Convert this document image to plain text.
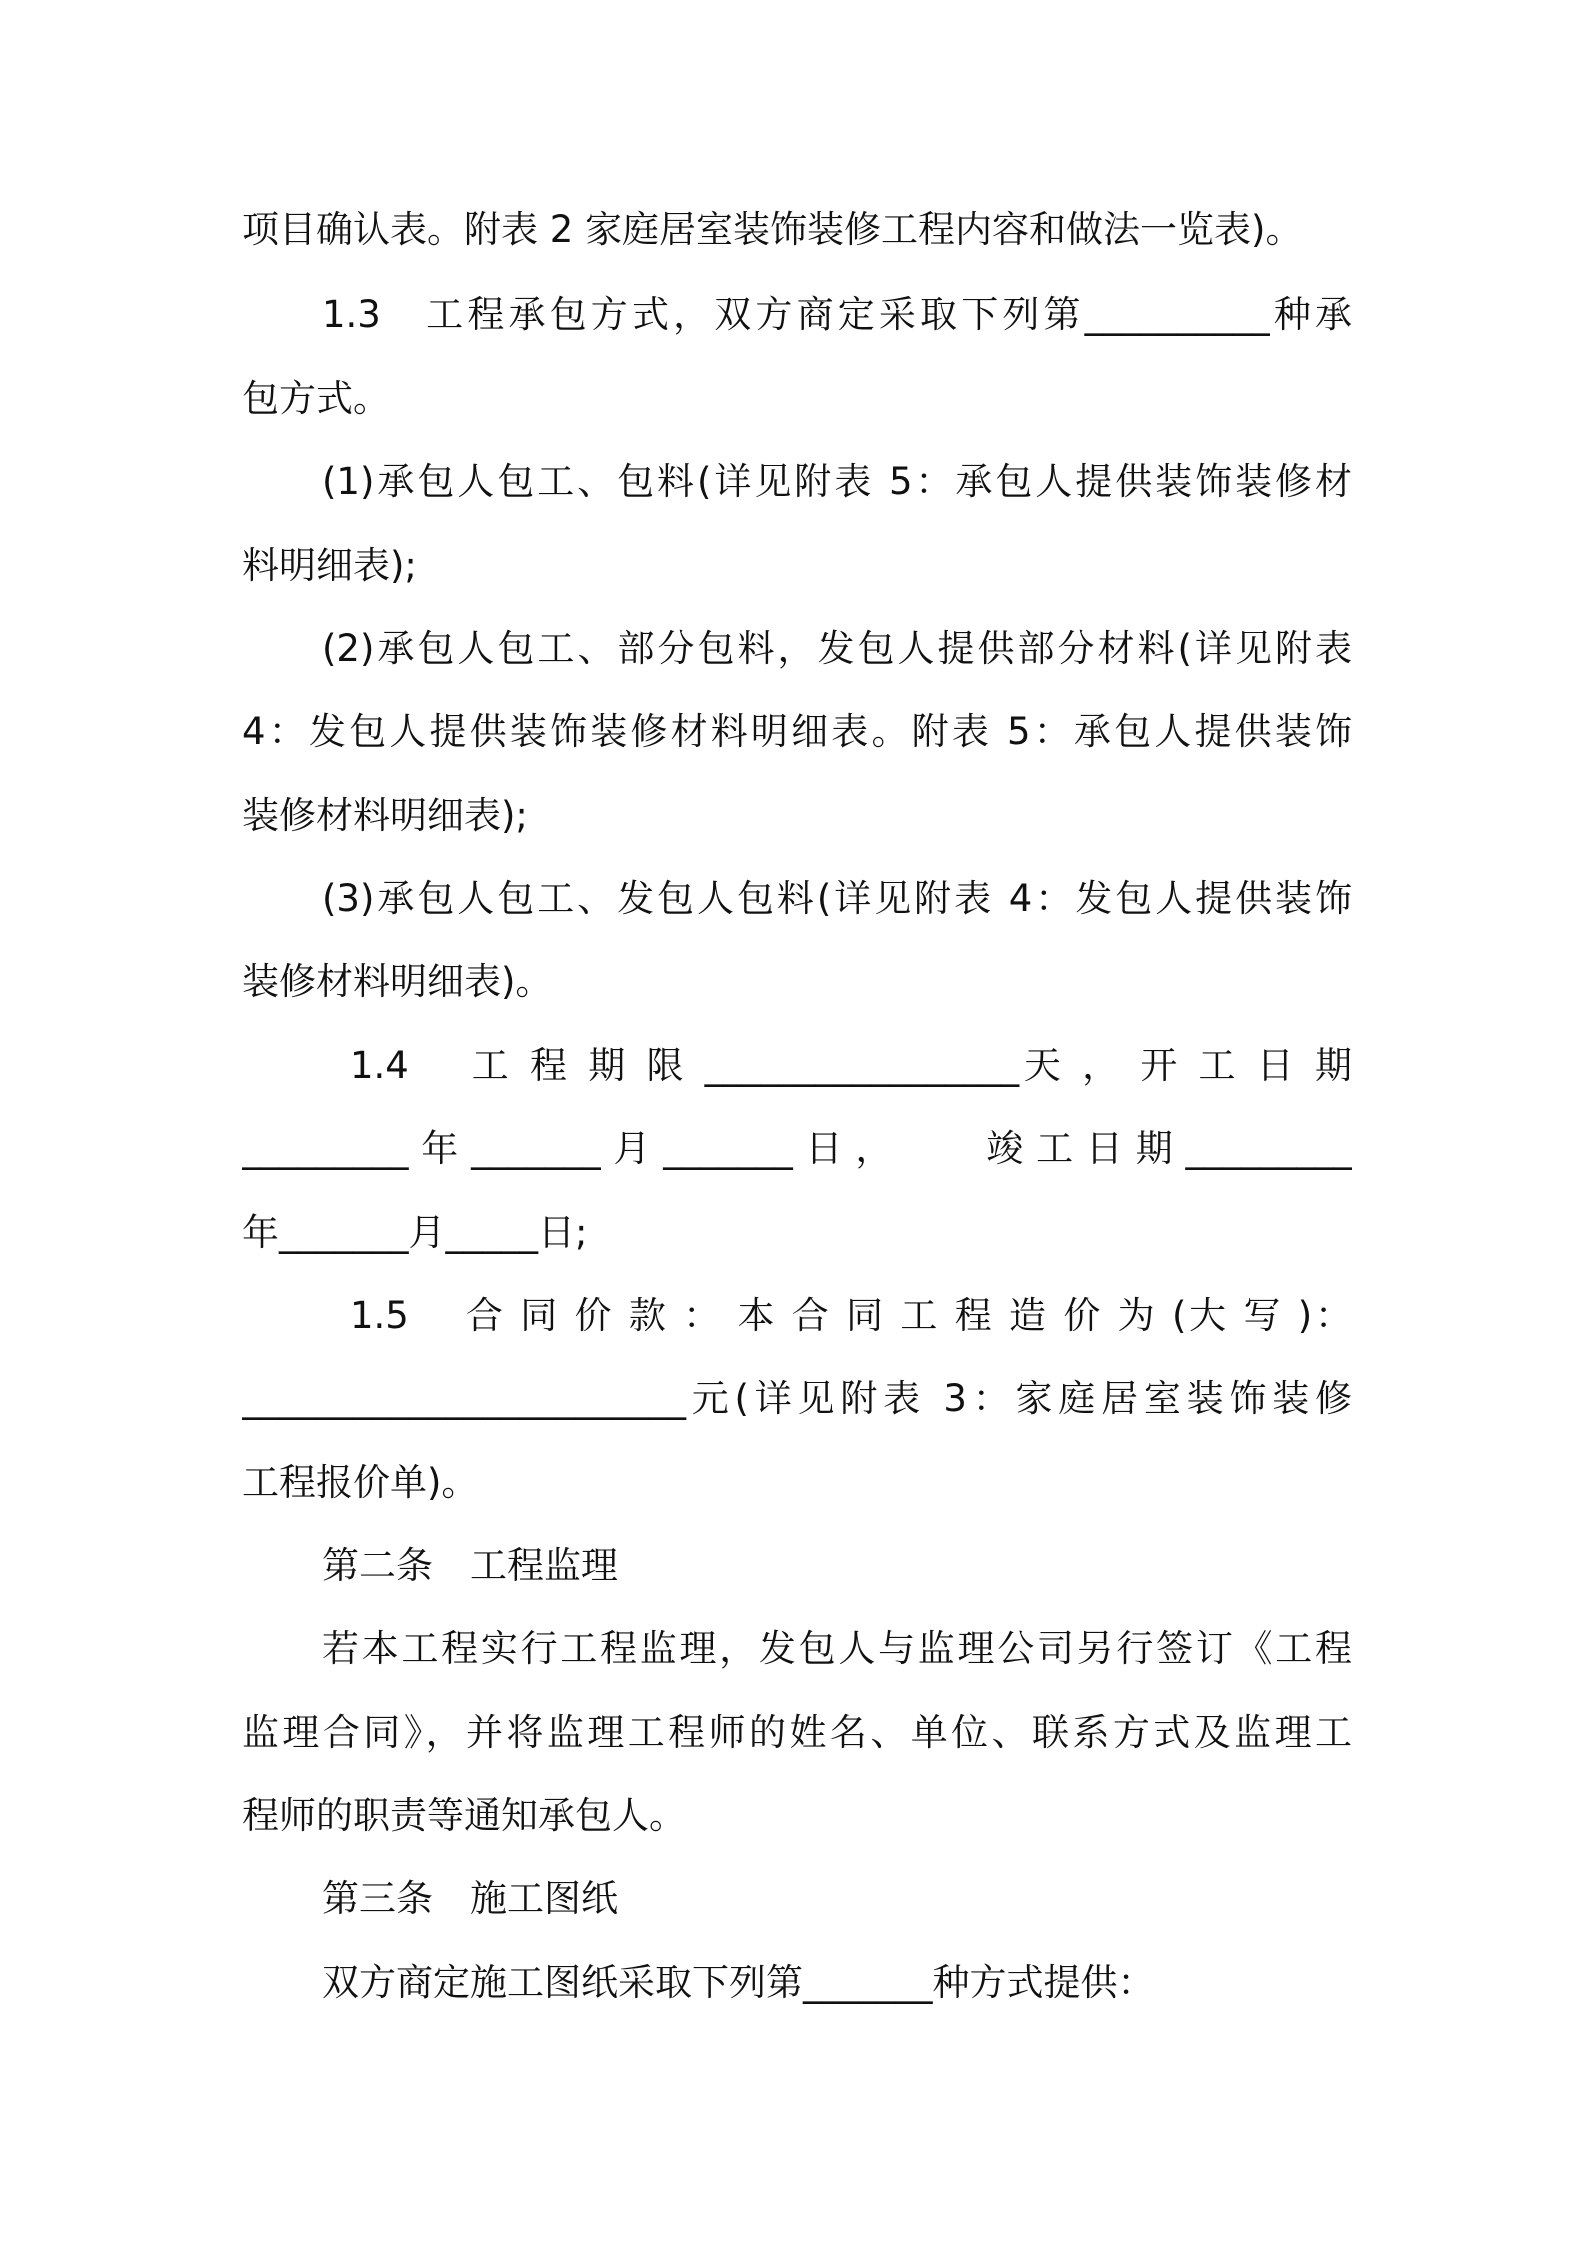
项目确认表。附表 2 家庭居室装饰装修工程内容和做法一览表)。
1.3　工程承包方式，双方商定采取下列第__________种承
包方式。
(1)承包人包工、包料(详见附表 5：承包人提供装饰装修材
料明细表);
(2)承包人包工、部分包料，发包人提供部分材料(详见附表
4：发包人提供装饰装修材料明细表。附表 5：承包人提供装饰
装修材料明细表);
(3)承包人包工、发包人包料(详见附表 4：发包人提供装饰
装修材料明细表)。
1.4　 工 程 期 限 _________________天 ， 开 工 日 期
_________年_______月_______日，　　竣工日期_________
年_______月_____日;
1.5　 合 同 价 款 ： 本 合 同 工 程 造 价 为 (大 写 )：
________________________元(详见附表 3：家庭居室装饰装修
工程报价单)。
第二条　工程监理
若本工程实行工程监理，发包人与监理公司另行签订《工程
监理合同》，并将监理工程师的姓名、单位、联系方式及监理工
程师的职责等通知承包人。
第三条　施工图纸
双方商定施工图纸采取下列第_______种方式提供：
